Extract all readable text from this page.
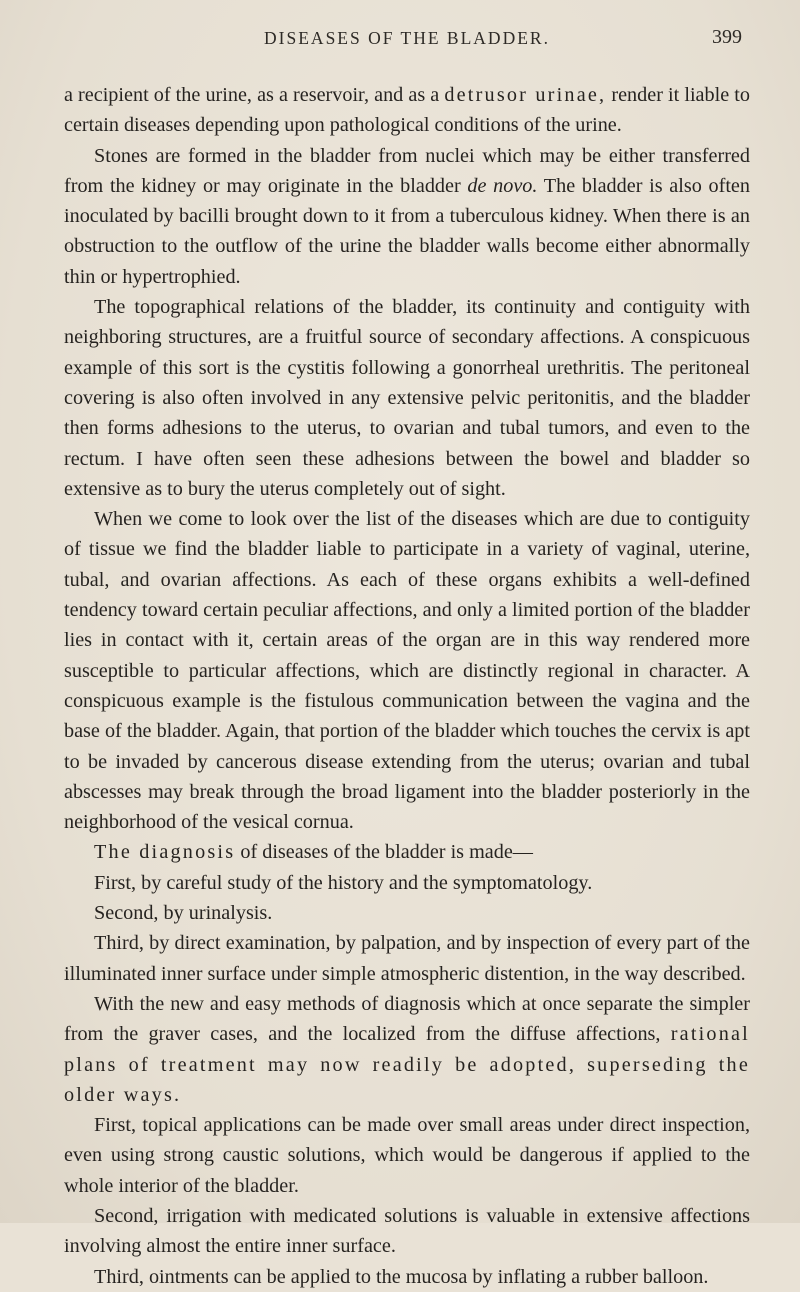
DISEASES OF THE BLADDER.	399

a recipient of the urine, as a reservoir, and as a detrusor urinae, render it liable to certain diseases depending upon pathological conditions of the urine.

Stones are formed in the bladder from nuclei which may be either transferred from the kidney or may originate in the bladder de novo. The bladder is also often inoculated by bacilli brought down to it from a tuberculous kidney. When there is an obstruction to the outflow of the urine the bladder walls become either abnormally thin or hypertrophied.

The topographical relations of the bladder, its continuity and contiguity with neighboring structures, are a fruitful source of secondary affections. A conspicuous example of this sort is the cystitis following a gonorrheal urethritis. The peritoneal covering is also often involved in any extensive pelvic peritonitis, and the bladder then forms adhesions to the uterus, to ovarian and tubal tumors, and even to the rectum. I have often seen these adhesions between the bowel and bladder so extensive as to bury the uterus completely out of sight.

When we come to look over the list of the diseases which are due to contiguity of tissue we find the bladder liable to participate in a variety of vaginal, uterine, tubal, and ovarian affections. As each of these organs exhibits a well-defined tendency toward certain peculiar affections, and only a limited portion of the bladder lies in contact with it, certain areas of the organ are in this way rendered more susceptible to particular affections, which are distinctly regional in character. A conspicuous example is the fistulous communication between the vagina and the base of the bladder. Again, that portion of the bladder which touches the cervix is apt to be invaded by cancerous disease extending from the uterus; ovarian and tubal abscesses may break through the broad ligament into the bladder posteriorly in the neighborhood of the vesical cornua.

The diagnosis of diseases of the bladder is made—

First, by careful study of the history and the symptomatology.

Second, by urinalysis.

Third, by direct examination, by palpation, and by inspection of every part of the illuminated inner surface under simple atmospheric distention, in the way described.

With the new and easy methods of diagnosis which at once separate the simpler from the graver cases, and the localized from the diffuse affections, rational plans of treatment may now readily be adopted, superseding the older ways.

First, topical applications can be made over small areas under direct inspection, even using strong caustic solutions, which would be dangerous if applied to the whole interior of the bladder.

Second, irrigation with medicated solutions is valuable in extensive affections involving almost the entire inner surface.

Third, ointments can be applied to the mucosa by inflating a rubber balloon.
